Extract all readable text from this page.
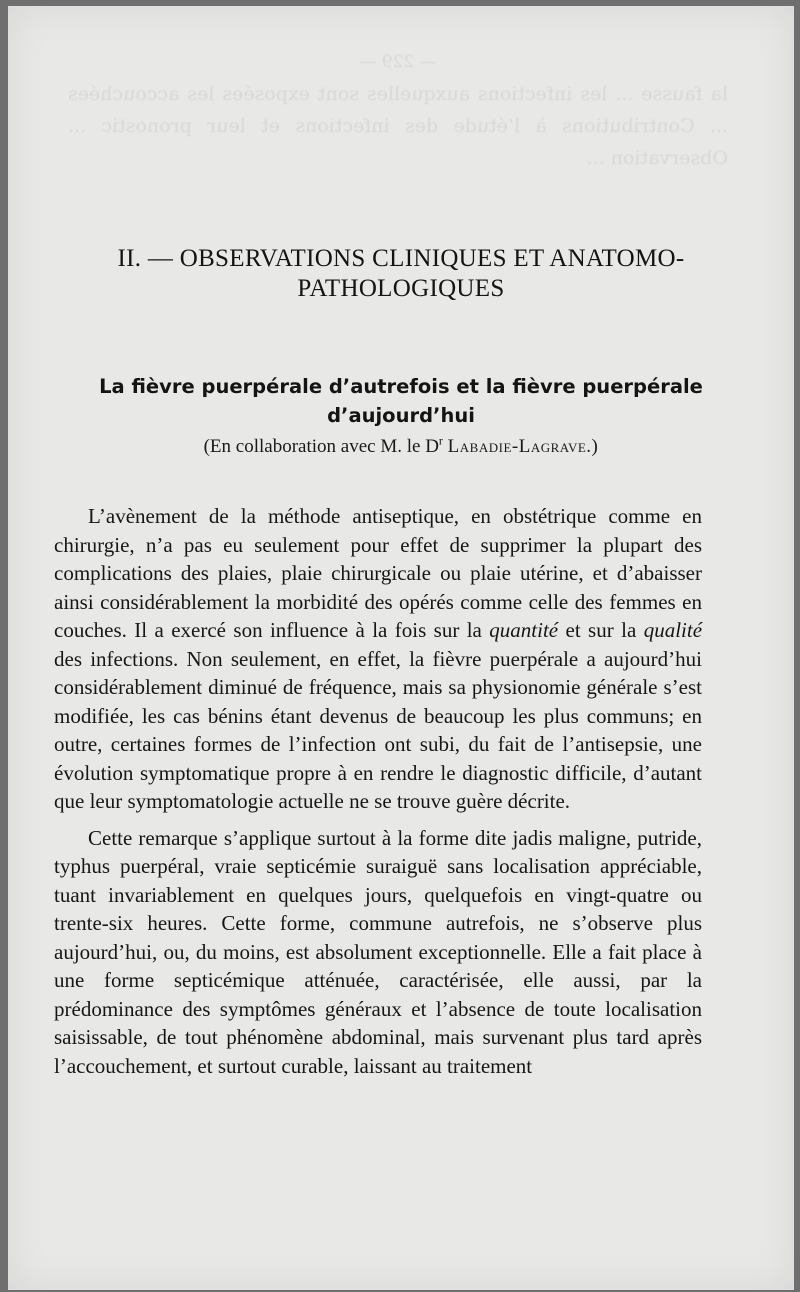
— 229 —
la fausse ... les infections auxquelles sont exposées les accouchées ... Contributions à l’étude des infections et leur pronostic ... Observation ...
II. — OBSERVATIONS CLINIQUES ET ANATOMO-
PATHOLOGIQUES
La fièvre puerpérale d’autrefois et la fièvre puerpérale
d’aujourd’hui
(En collaboration avec M. le $D^r$ Labadie-Lagrave.)

L’avènement de la méthode antiseptique, en obstétrique comme en chirurgie, n’a pas eu seulement pour effet de supprimer la plupart des complications des plaies, plaie chirurgicale ou plaie utérine, et d’abaisser ainsi considérablement la morbidité des opérés comme celle des femmes en couches. Il a exercé son influence à la fois sur la quantité et sur la qualité des infections. Non seulement, en effet, la fièvre puerpérale a aujourd’hui considérablement diminué de fréquence, mais sa physionomie générale s’est modifiée, les cas bénins étant devenus de beaucoup les plus communs; en outre, certaines formes de l’infection ont subi, du fait de l’antisepsie, une évolution symptomatique propre à en rendre le diagnostic difficile, d’autant que leur symptomatologie actuelle ne se trouve guère décrite.

Cette remarque s’applique surtout à la forme dite jadis maligne, putride, typhus puerpéral, vraie septicémie suraiguë sans localisation appréciable, tuant invariablement en quelques jours, quelquefois en vingt-quatre ou trente-six heures. Cette forme, commune autrefois, ne s’observe plus aujourd’hui, ou, du moins, est absolument exceptionnelle. Elle a fait place à une forme septicémique atténuée, caractérisée, elle aussi, par la prédominance des symptômes généraux et l’absence de toute localisation saisissable, de tout phénomène abdominal, mais survenant plus tard après l’accouchement, et surtout curable, laissant au traitement
